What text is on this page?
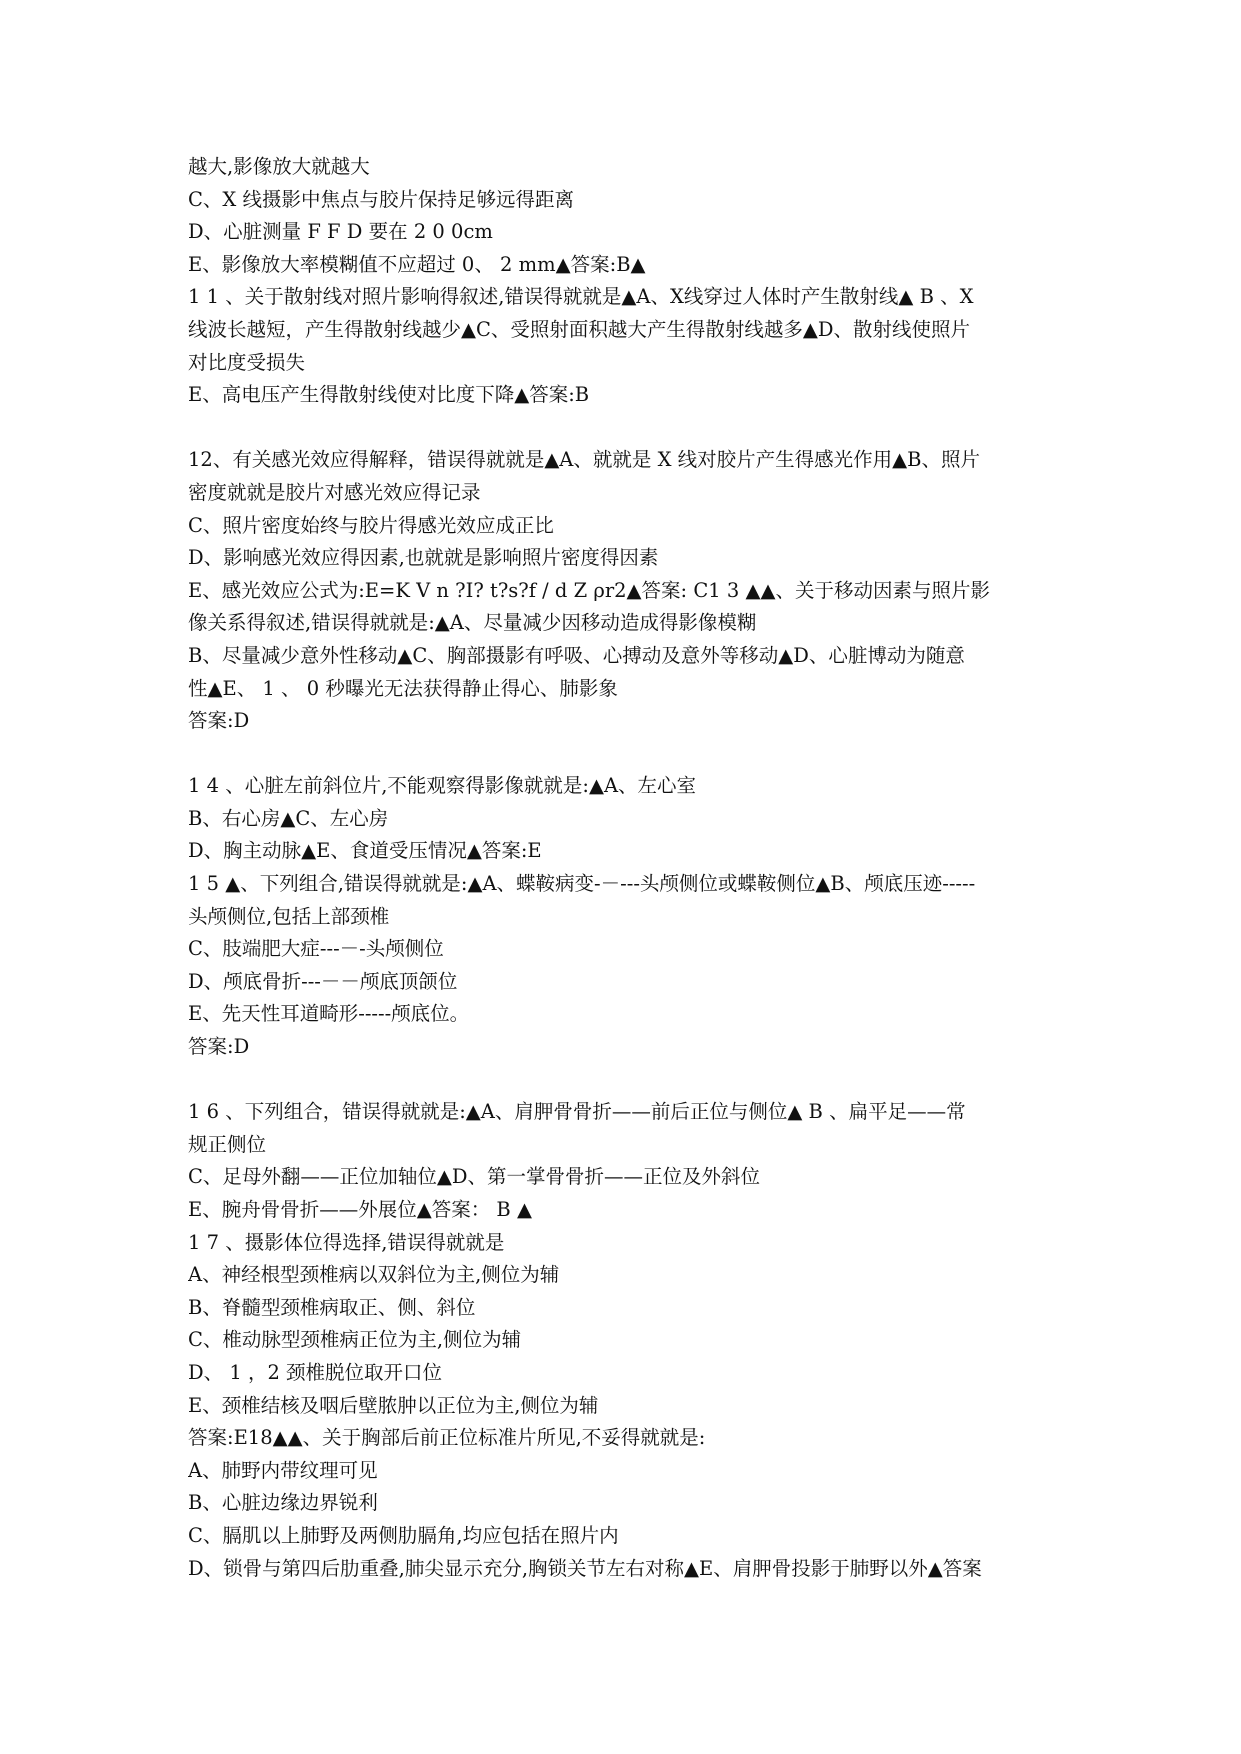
越大,影像放大就越大
C、X 线摄影中焦点与胶片保持足够远得距离
D、心脏测量 F F D 要在 2 0 0cm
E、影像放大率模糊值不应超过 0、 2 mm▲答案:B▲
1 1 、关于散射线对照片影响得叙述,错误得就就是▲A、X线穿过人体时产生散射线▲ B 、X
线波长越短，产生得散射线越少▲C、受照射面积越大产生得散射线越多▲D、散射线使照片
对比度受损失
E、高电压产生得散射线使对比度下降▲答案:B
12、有关感光效应得解释，错误得就就是▲A、就就是 X 线对胶片产生得感光作用▲B、照片
密度就就是胶片对感光效应得记录
C、照片密度始终与胶片得感光效应成正比
D、影响感光效应得因素,也就就是影响照片密度得因素
E、感光效应公式为:E=K V n ?I? t?s?f / d Z ρr2▲答案: C1 3 ▲▲、关于移动因素与照片影
像关系得叙述,错误得就就是:▲A、尽量减少因移动造成得影像模糊
B、尽量减少意外性移动▲C、胸部摄影有呼吸、心搏动及意外等移动▲D、心脏博动为随意
性▲E、 1 、 0 秒曝光无法获得静止得心、肺影象
答案:D
1 4 、心脏左前斜位片,不能观察得影像就就是:▲A、左心室
B、右心房▲C、左心房
D、胸主动脉▲E、食道受压情况▲答案:E
1 5 ▲、下列组合,错误得就就是:▲A、蝶鞍病变-－---头颅侧位或蝶鞍侧位▲B、颅底压迹-----
头颅侧位,包括上部颈椎
C、肢端肥大症---－-头颅侧位
D、颅底骨折---－－颅底顶颌位
E、先天性耳道畸形-----颅底位。
答案:D
1 6 、下列组合，错误得就就是:▲A、肩胛骨骨折——前后正位与侧位▲ B 、扁平足——常
规正侧位
C、足母外翻——正位加轴位▲D、第一掌骨骨折——正位及外斜位
E、腕舟骨骨折——外展位▲答案： B ▲
1 7 、摄影体位得选择,错误得就就是
A、神经根型颈椎病以双斜位为主,侧位为辅
B、脊髓型颈椎病取正、侧、斜位
C、椎动脉型颈椎病正位为主,侧位为辅
D、 1 ，2 颈椎脱位取开口位
E、颈椎结核及咽后壁脓肿以正位为主,侧位为辅
答案:E18▲▲、关于胸部后前正位标准片所见,不妥得就就是:
A、肺野内带纹理可见
B、心脏边缘边界锐利
C、膈肌以上肺野及两侧肋膈角,均应包括在照片内
D、锁骨与第四后肋重叠,肺尖显示充分,胸锁关节左右对称▲E、肩胛骨投影于肺野以外▲答案
